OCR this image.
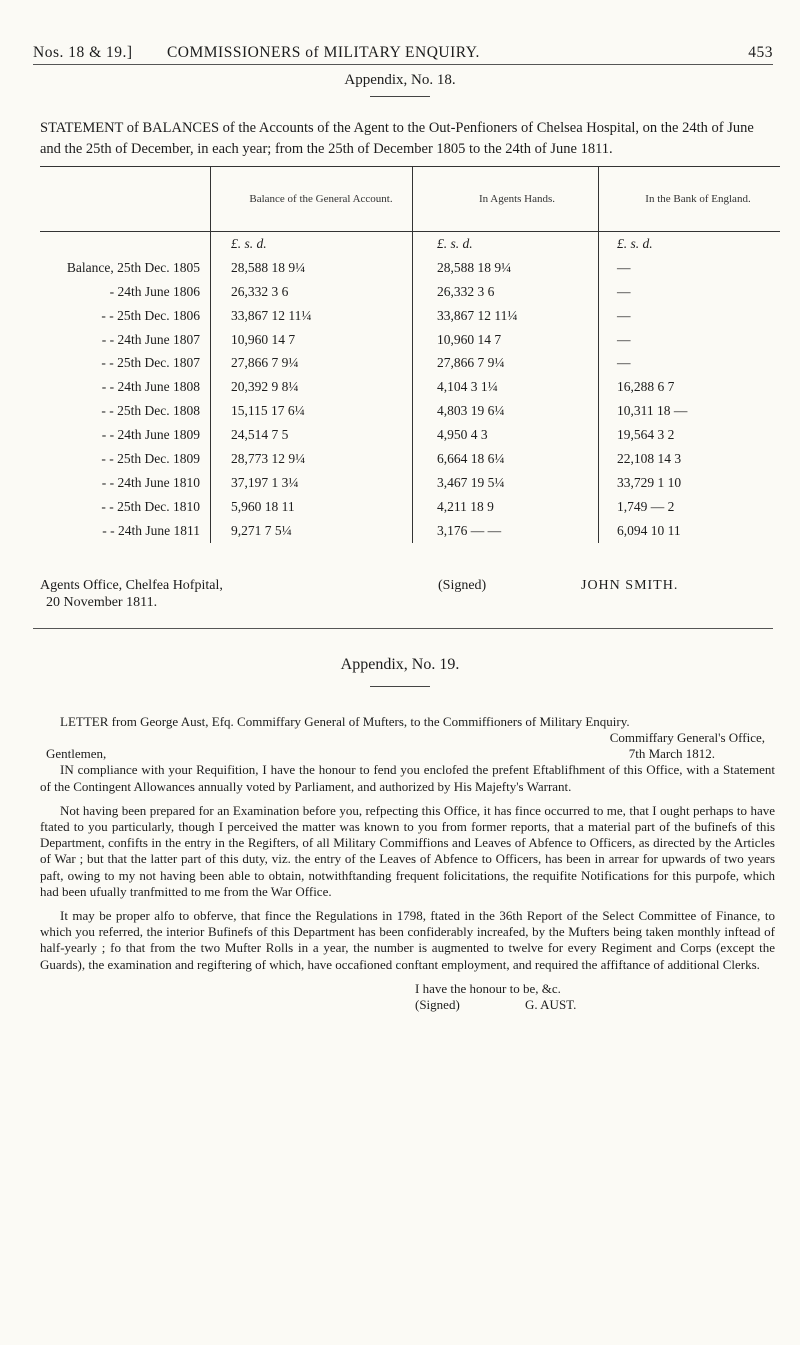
Nos. 18 & 19.] COMMISSIONERS of MILITARY ENQUIRY.	453
Appendix, No. 18.
STATEMENT of BALANCES of the Accounts of the Agent to the Out-Penfioners of Chelsea Hospital, on the 24th of June and the 25th of December, in each year; from the 25th of December 1805 to the 24th of June 1811.
	Balance of the General Account.	In Agents Hands.	In the Bank of England.
	£. s. d.	£. s. d.	£. s. d.
Balance, 25th Dec. 1805	28,588 18 9¼	28,588 18 9¼	—
- 24th June 1806	26,332 3 6	26,332 3 6	—
- - 25th Dec. 1806	33,867 12 11¼	33,867 12 11¼	—
- - 24th June 1807	10,960 14 7	10,960 14 7	—
- - 25th Dec. 1807	27,866 7 9¼	27,866 7 9¼	—
- - 24th June 1808	20,392 9 8¼	4,104 3 1¼	16,288 6 7
- - 25th Dec. 1808	15,115 17 6¼	4,803 19 6¼	10,311 18 —
- - 24th June 1809	24,514 7 5	4,950 4 3	19,564 3 2
- - 25th Dec. 1809	28,773 12 9¼	6,664 18 6¼	22,108 14 3
- - 24th June 1810	37,197 1 3¼	3,467 19 5¼	33,729 1 10
- - 25th Dec. 1810	5,960 18 11	4,211 18 9	1,749 — 2
- - 24th June 1811	9,271 7 5¼	3,176 — —	6,094 10 11
Agents Office, Chelfea Hofpital,
20 November 1811.
(Signed)	JOHN SMITH.
Appendix, No. 19.
LETTER from George Aust, Efq. Commiffary General of Mufters, to the Commiffioners of Military Enquiry.
Commiffary General's Office,
Gentlemen,	7th March 1812.

IN compliance with your Requifition, I have the honour to fend you enclofed the prefent Eftablifhment of this Office, with a Statement of the Contingent Allowances annually voted by Parliament, and authorized by His Majefty's Warrant.

Not having been prepared for an Examination before you, refpecting this Office, it has fince occurred to me, that I ought perhaps to have ftated to you particularly, though I perceived the matter was known to you from former reports, that a material part of the bufinefs of this Department, confifts in the entry in the Regifters, of all Military Commiffions and Leaves of Abfence to Officers, as directed by the Articles of War ; but that the latter part of this duty, viz. the entry of the Leaves of Abfence to Officers, has been in arrear for upwards of two years paft, owing to my not having been able to obtain, notwithftanding frequent folicitations, the requifite Notifications for this purpofe, which had been ufually tranfmitted to me from the War Office.

It may be proper alfo to obferve, that fince the Regulations in 1798, ftated in the 36th Report of the Select Committee of Finance, to which you referred, the interior Bufinefs of this Department has been confiderably increafed, by the Mufters being taken monthly inftead of half-yearly ; fo that from the two Mufter Rolls in a year, the number is augmented to twelve for every Regiment and Corps (except the Guards), the examination and regiftering of which, have occafioned conftant employment, and required the affiftance of additional Clerks.

I have the honour to be, &c.
(Signed)	G. AUST.
